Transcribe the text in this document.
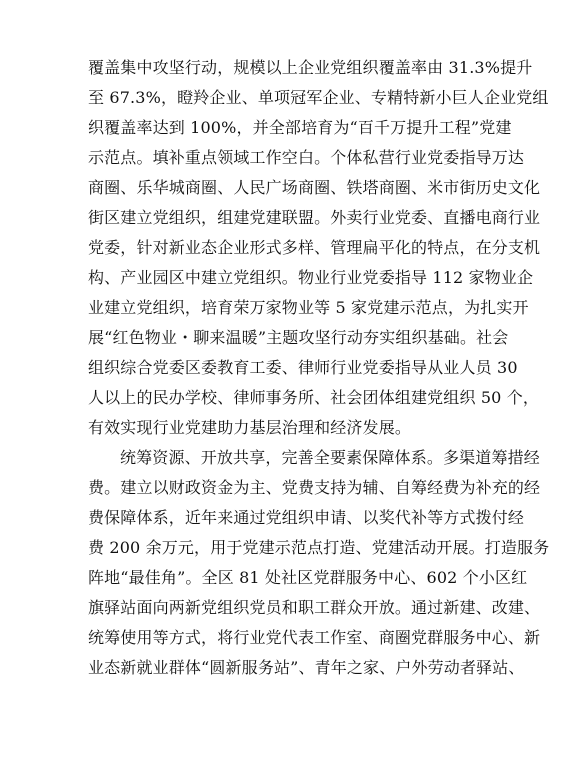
覆盖集中攻坚行动，规模以上企业党组织覆盖率由 31.3%提升
至 67.3%，瞪羚企业、单项冠军企业、专精特新小巨人企业党组
织覆盖率达到 100%，并全部培育为“百千万提升工程”党建
示范点。填补重点领域工作空白。个体私营行业党委指导万达
商圈、乐华城商圈、人民广场商圈、铁塔商圈、米市街历史文化
街区建立党组织，组建党建联盟。外卖行业党委、直播电商行业
党委，针对新业态企业形式多样、管理扁平化的特点，在分支机
构、产业园区中建立党组织。物业行业党委指导 112 家物业企
业建立党组织，培育荣万家物业等 5 家党建示范点，为扎实开
展“红色物业・聊来温暖”主题攻坚行动夯实组织基础。社会
组织综合党委区委教育工委、律师行业党委指导从业人员 30
人以上的民办学校、律师事务所、社会团体组建党组织 50 个，
有效实现行业党建助力基层治理和经济发展。
统筹资源、开放共享，完善全要素保障体系。多渠道筹措经
费。建立以财政资金为主、党费支持为辅、自筹经费为补充的经
费保障体系，近年来通过党组织申请、以奖代补等方式拨付经
费 200 余万元，用于党建示范点打造、党建活动开展。打造服务
阵地“最佳角”。全区 81 处社区党群服务中心、602 个小区红
旗驿站面向两新党组织党员和职工群众开放。通过新建、改建、
统筹使用等方式，将行业党代表工作室、商圈党群服务中心、新
业态新就业群体“圆新服务站”、青年之家、户外劳动者驿站、
